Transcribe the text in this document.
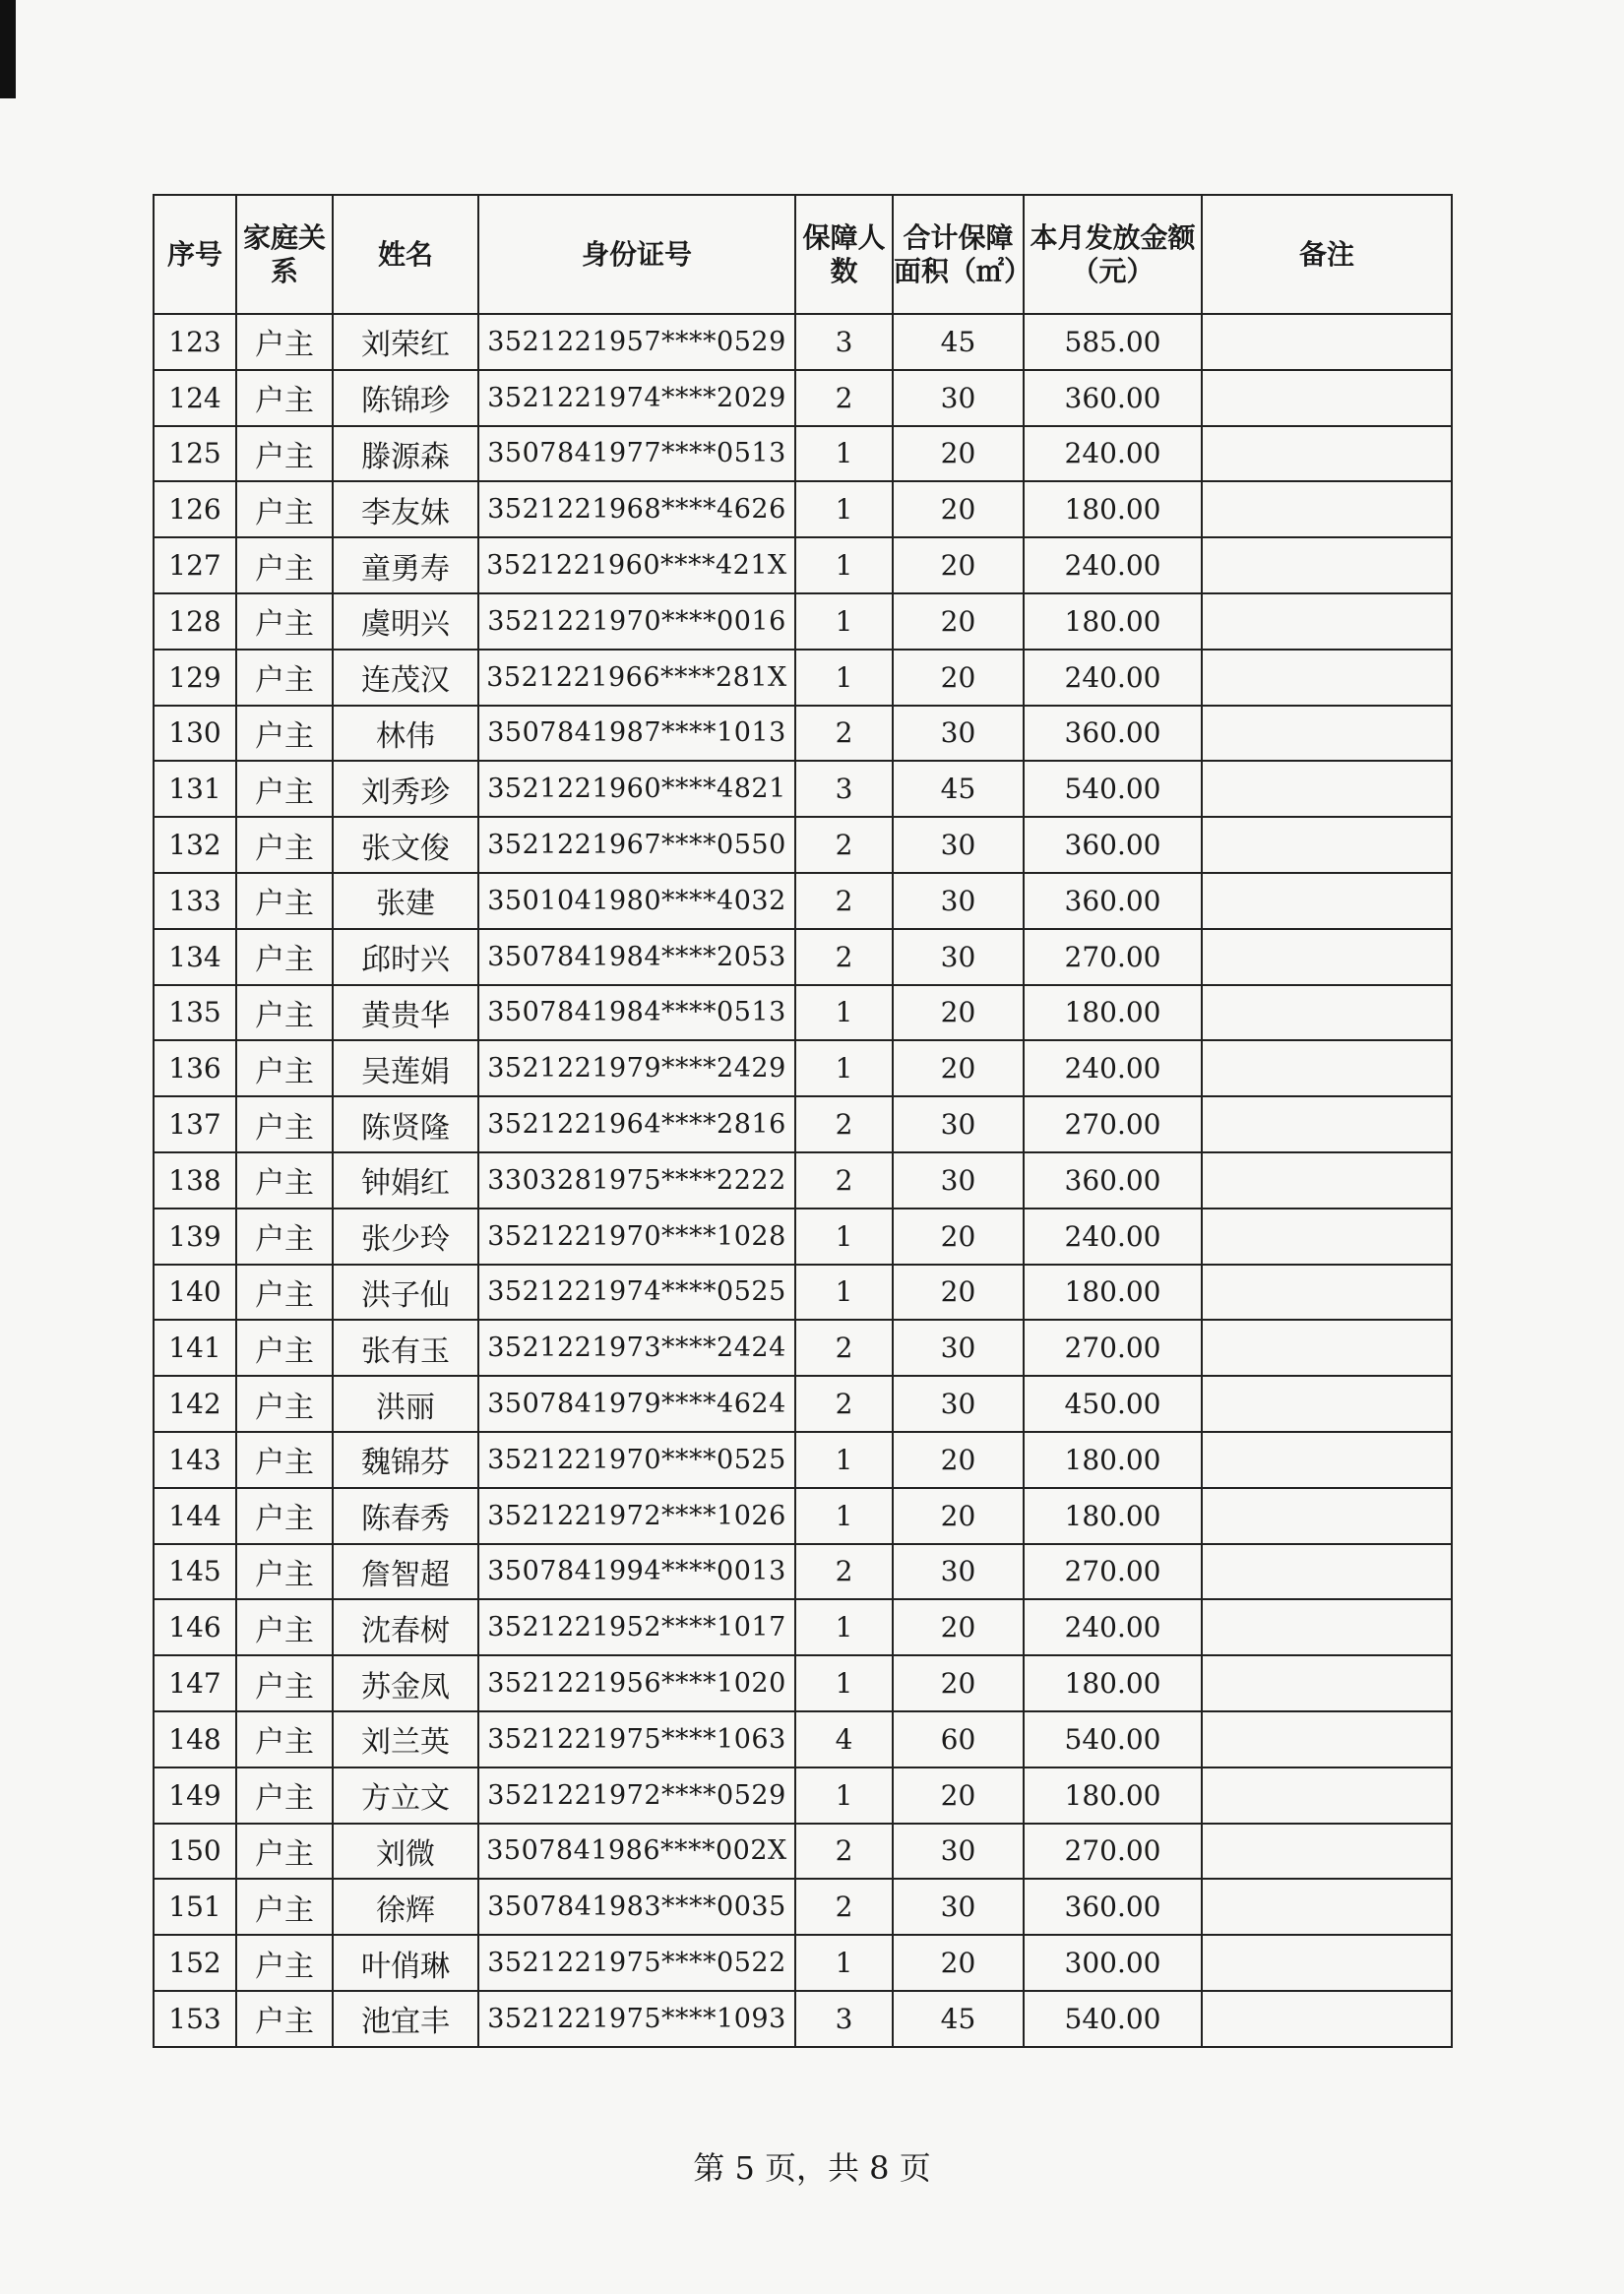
序号	家庭关系	姓名	身份证号	保障人数	合计保障面积（㎡）	本月发放金额（元）	备注
123	户主	刘荣红	3521221957****0529	3	45	585.00	
124	户主	陈锦珍	3521221974****2029	2	30	360.00	
125	户主	滕源森	3507841977****0513	1	20	240.00	
126	户主	李友妹	3521221968****4626	1	20	180.00	
127	户主	童勇寿	3521221960****421X	1	20	240.00	
128	户主	虞明兴	3521221970****0016	1	20	180.00	
129	户主	连茂汉	3521221966****281X	1	20	240.00	
130	户主	林伟	3507841987****1013	2	30	360.00	
131	户主	刘秀珍	3521221960****4821	3	45	540.00	
132	户主	张文俊	3521221967****0550	2	30	360.00	
133	户主	张建	3501041980****4032	2	30	360.00	
134	户主	邱时兴	3507841984****2053	2	30	270.00	
135	户主	黄贵华	3507841984****0513	1	20	180.00	
136	户主	吴莲娟	3521221979****2429	1	20	240.00	
137	户主	陈贤隆	3521221964****2816	2	30	270.00	
138	户主	钟娟红	3303281975****2222	2	30	360.00	
139	户主	张少玲	3521221970****1028	1	20	240.00	
140	户主	洪子仙	3521221974****0525	1	20	180.00	
141	户主	张有玉	3521221973****2424	2	30	270.00	
142	户主	洪丽	3507841979****4624	2	30	450.00	
143	户主	魏锦芬	3521221970****0525	1	20	180.00	
144	户主	陈春秀	3521221972****1026	1	20	180.00	
145	户主	詹智超	3507841994****0013	2	30	270.00	
146	户主	沈春树	3521221952****1017	1	20	240.00	
147	户主	苏金凤	3521221956****1020	1	20	180.00	
148	户主	刘兰英	3521221975****1063	4	60	540.00	
149	户主	方立文	3521221972****0529	1	20	180.00	
150	户主	刘微	3507841986****002X	2	30	270.00	
151	户主	徐辉	3507841983****0035	2	30	360.00	
152	户主	叶俏琳	3521221975****0522	1	20	300.00	
153	户主	池宜丰	3521221975****1093	3	45	540.00	
第 5 页，共 8 页
